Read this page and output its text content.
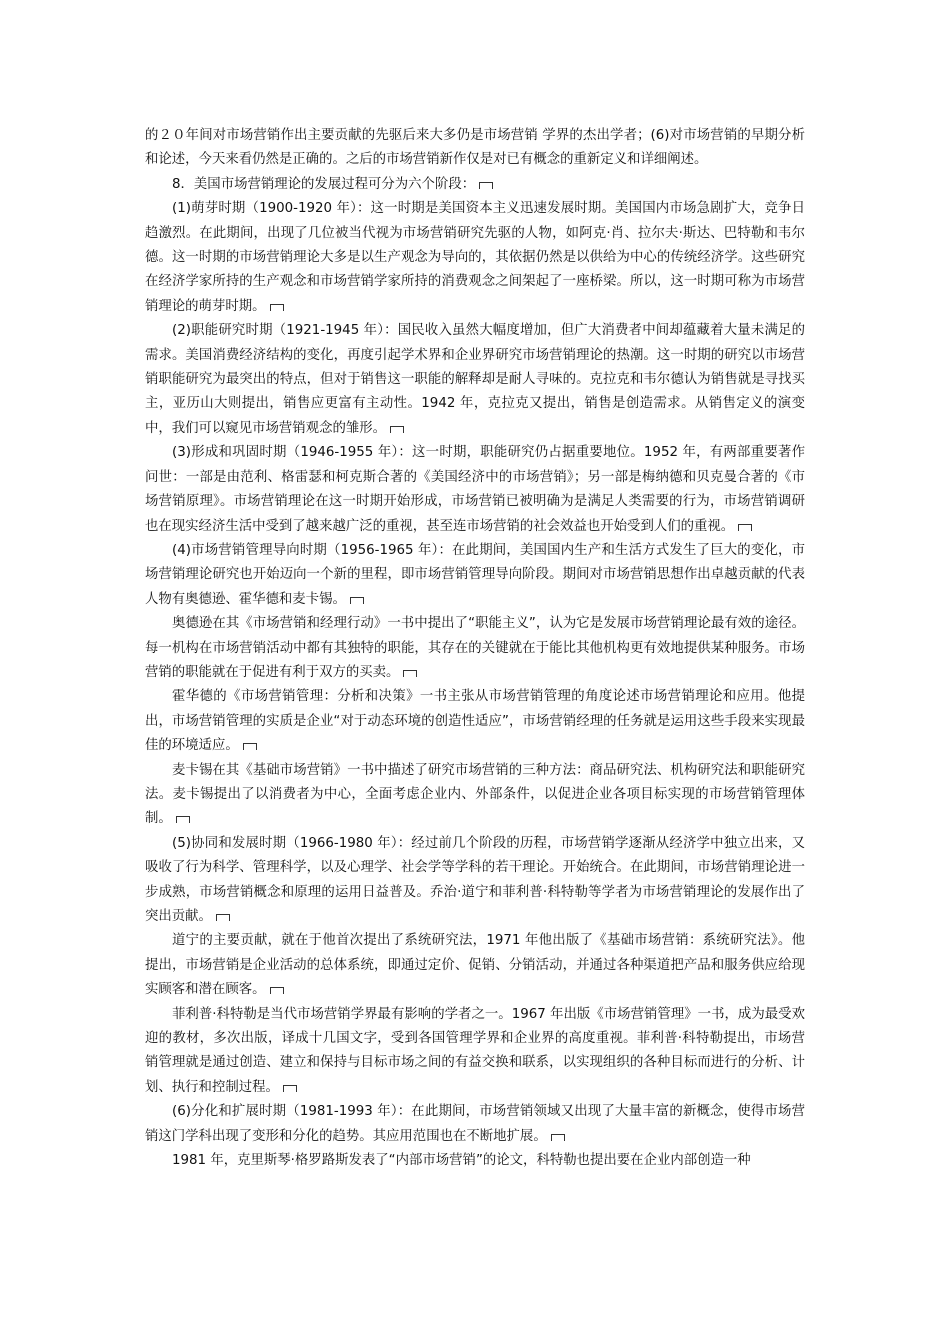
的２０年间对市场营销作出主要贡献的先驱后来大多仍是市场营销 学界的杰出学者；(6)对市场营销的早期分析和论述，今天来看仍然是正确的。之后的市场营销新作仅是对已有概念的重新定义和详细阐述。

8．美国市场营销理论的发展过程可分为六个阶段：

(1)萌芽时期（1900-1920 年）：这一时期是美国资本主义迅速发展时期。美国国内市场急剧扩大，竞争日趋激烈。在此期间，出现了几位被当代视为市场营销研究先驱的人物，如阿克·肖、拉尔夫·斯达、巴特勒和韦尔德。这一时期的市场营销理论大多是以生产观念为导向的，其依据仍然是以供给为中心的传统经济学。这些研究在经济学家所持的生产观念和市场营销学家所持的消费观念之间架起了一座桥梁。所以，这一时期可称为市场营销理论的萌芽时期。

(2)职能研究时期（1921-1945 年）：国民收入虽然大幅度增加，但广大消费者中间却蕴藏着大量未满足的需求。美国消费经济结构的变化，再度引起学术界和企业界研究市场营销理论的热潮。这一时期的研究以市场营销职能研究为最突出的特点，但对于销售这一职能的解释却是耐人寻味的。克拉克和韦尔德认为销售就是寻找买主，亚历山大则提出，销售应更富有主动性。1942 年，克拉克又提出，销售是创造需求。从销售定义的演变中，我们可以窥见市场营销观念的雏形。

(3)形成和巩固时期（1946-1955 年）：这一时期，职能研究仍占据重要地位。1952 年，有两部重要著作问世：一部是由范利、格雷瑟和柯克斯合著的《美国经济中的市场营销》；另一部是梅纳德和贝克曼合著的《市场营销原理》。市场营销理论在这一时期开始形成，市场营销已被明确为是满足人类需要的行为，市场营销调研也在现实经济生活中受到了越来越广泛的重视，甚至连市场营销的社会效益也开始受到人们的重视。

(4)市场营销管理导向时期（1956-1965 年）：在此期间，美国国内生产和生活方式发生了巨大的变化，市场营销理论研究也开始迈向一个新的里程，即市场营销管理导向阶段。期间对市场营销思想作出卓越贡献的代表人物有奥德逊、霍华德和麦卡锡。

奥德逊在其《市场营销和经理行动》一书中提出了“职能主义”，认为它是发展市场营销理论最有效的途径。每一机构在市场营销活动中都有其独特的职能，其存在的关键就在于能比其他机构更有效地提供某种服务。市场营销的职能就在于促进有利于双方的买卖。

霍华德的《市场营销管理：分析和决策》一书主张从市场营销管理的角度论述市场营销理论和应用。他提出，市场营销管理的实质是企业“对于动态环境的创造性适应”，市场营销经理的任务就是运用这些手段来实现最佳的环境适应。

麦卡锡在其《基础市场营销》一书中描述了研究市场营销的三种方法：商品研究法、机构研究法和职能研究法。麦卡锡提出了以消费者为中心，全面考虑企业内、外部条件，以促进企业各项目标实现的市场营销管理体制。

(5)协同和发展时期（1966-1980 年）：经过前几个阶段的历程，市场营销学逐渐从经济学中独立出来，又吸收了行为科学、管理科学，以及心理学、社会学等学科的若干理论。开始统合。在此期间，市场营销理论进一步成熟，市场营销概念和原理的运用日益普及。乔治·道宁和菲利普·科特勒等学者为市场营销理论的发展作出了突出贡献。

道宁的主要贡献，就在于他首次提出了系统研究法，1971 年他出版了《基础市场营销：系统研究法》。他提出，市场营销是企业活动的总体系统，即通过定价、促销、分销活动，并通过各种渠道把产品和服务供应给现实顾客和潜在顾客。

菲利普·科特勒是当代市场营销学界最有影响的学者之一。1967 年出版《市场营销管理》一书，成为最受欢迎的教材，多次出版，译成十几国文字，受到各国管理学界和企业界的高度重视。菲利普·科特勒提出，市场营销管理就是通过创造、建立和保持与目标市场之间的有益交换和联系，以实现组织的各种目标而进行的分析、计划、执行和控制过程。

(6)分化和扩展时期（1981-1993 年）：在此期间，市场营销领域又出现了大量丰富的新概念，使得市场营销这门学科出现了变形和分化的趋势。其应用范围也在不断地扩展。

1981 年，克里斯琴·格罗路斯发表了“内部市场营销”的论文，科特勒也提出要在企业内部创造一种
